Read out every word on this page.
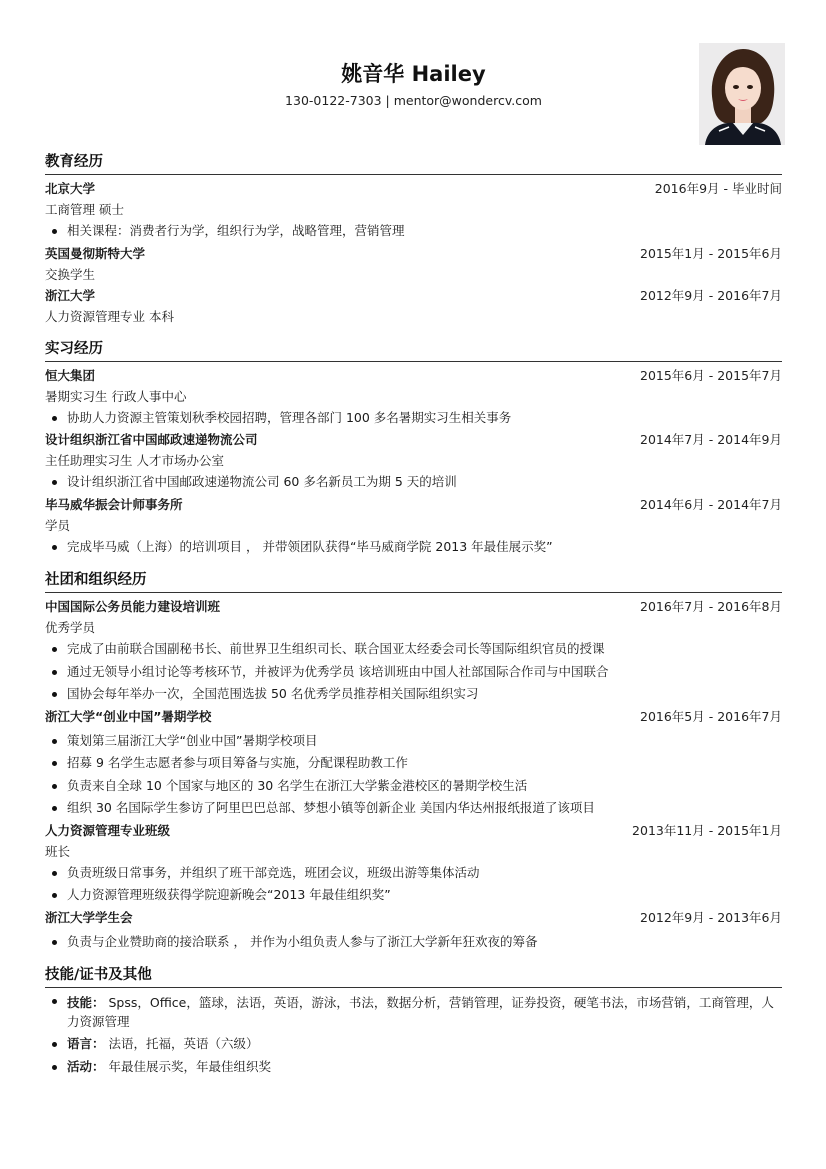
姚音华 Hailey
130-0122-7303 | mentor@wondercv.com
教育经历
北京大学	2016年9月 - 毕业时间
工商管理 硕士
相关课程：消费者行为学，组织行为学，战略管理，营销管理
英国曼彻斯特大学	2015年1月 - 2015年6月
交换学生
浙江大学	2012年9月 - 2016年7月
人力资源管理专业 本科
实习经历
恒大集团	2015年6月 - 2015年7月
暑期实习生 行政人事中心
协助人力资源主管策划秋季校园招聘，管理各部门 100 多名暑期实习生相关事务
设计组织浙江省中国邮政速递物流公司	2014年7月 - 2014年9月
主任助理实习生 人才市场办公室
设计组织浙江省中国邮政速递物流公司 60 多名新员工为期 5 天的培训
毕马威华振会计师事务所	2014年6月 - 2014年7月
学员
完成毕马威（上海）的培训项目 ， 并带领团队获得“毕马威商学院 2013 年最佳展示奖”
社团和组织经历
中国国际公务员能力建设培训班	2016年7月 - 2016年8月
优秀学员
完成了由前联合国副秘书长、前世界卫生组织司长、联合国亚太经委会司长等国际组织官员的授课
通过无领导小组讨论等考核环节，并被评为优秀学员 该培训班由中国人社部国际合作司与中国联合
国协会每年举办一次，全国范围选拔 50 名优秀学员推荐相关国际组织实习
浙江大学“创业中国”暑期学校	2016年5月 - 2016年7月
策划第三届浙江大学“创业中国”暑期学校项目
招募 9 名学生志愿者参与项目筹备与实施，分配课程助教工作
负责来自全球 10 个国家与地区的 30 名学生在浙江大学紫金港校区的暑期学校生活
组织 30 名国际学生参访了阿里巴巴总部、梦想小镇等创新企业 美国内华达州报纸报道了该项目
人力资源管理专业班级	2013年11月 - 2015年1月
班长
负责班级日常事务，并组织了班干部竞选，班团会议，班级出游等集体活动
人力资源管理班级获得学院迎新晚会“2013 年最佳组织奖”
浙江大学学生会	2012年9月 - 2013年6月
负责与企业赞助商的接洽联系 ， 并作为小组负责人参与了浙江大学新年狂欢夜的筹备
技能/证书及其他
技能： Spss，Office，篮球，法语，英语，游泳，书法，数据分析，营销管理，证券投资，硬笔书法，市场营销，工商管理，人力资源管理
语言： 法语，托福，英语（六级）
活动： 年最佳展示奖，年最佳组织奖
